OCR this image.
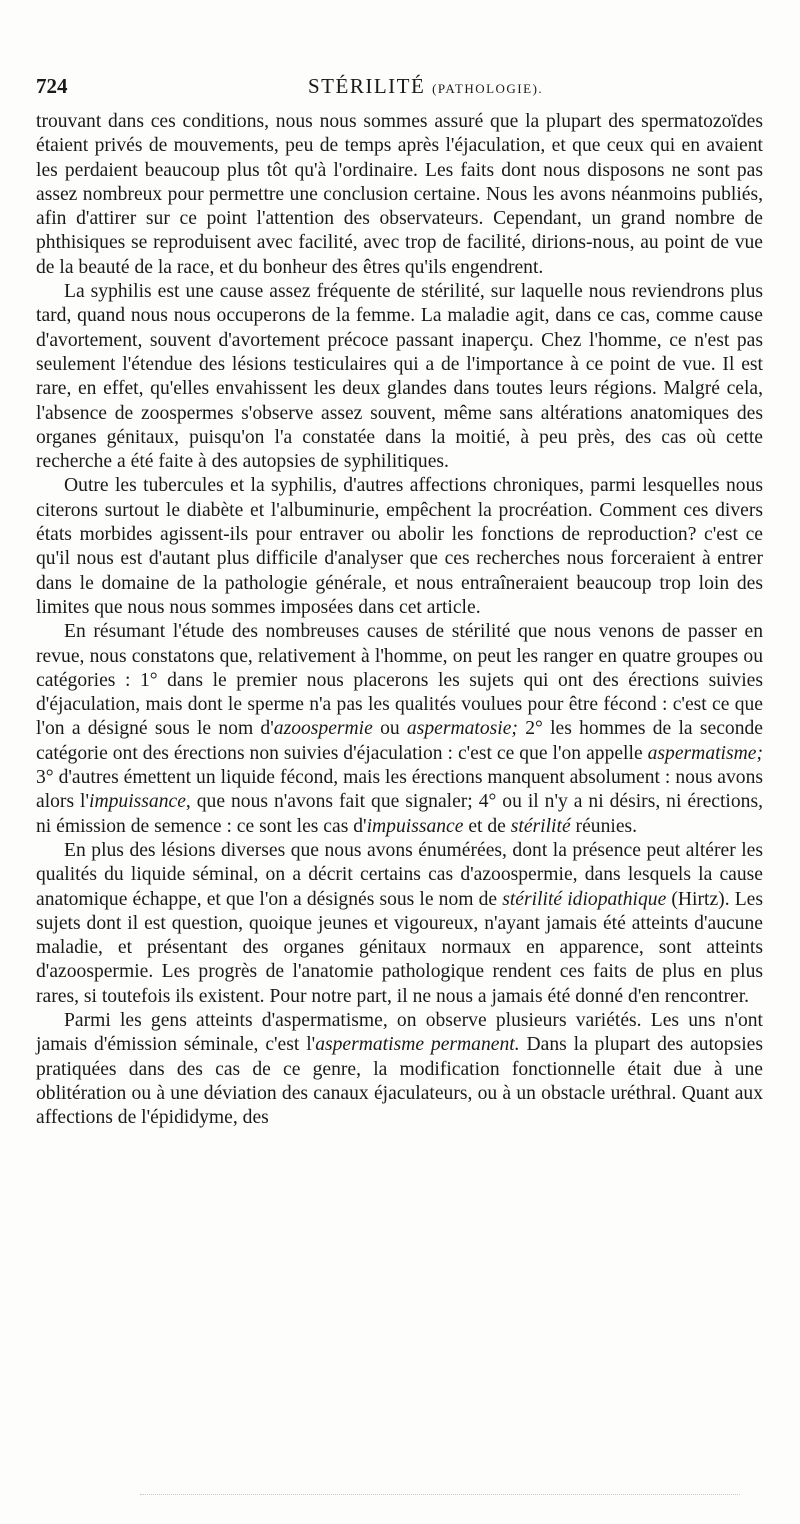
724	STÉRILITÉ (PATHOLOGIE).

trouvant dans ces conditions, nous nous sommes assuré que la plupart des spermatozoïdes étaient privés de mouvements, peu de temps après l'éjaculation, et que ceux qui en avaient les perdaient beaucoup plus tôt qu'à l'ordinaire. Les faits dont nous disposons ne sont pas assez nombreux pour permettre une conclusion certaine. Nous les avons néanmoins publiés, afin d'attirer sur ce point l'attention des observateurs. Cependant, un grand nombre de phthisiques se reproduisent avec facilité, avec trop de facilité, dirions-nous, au point de vue de la beauté de la race, et du bonheur des êtres qu'ils engendrent.

La syphilis est une cause assez fréquente de stérilité, sur laquelle nous reviendrons plus tard, quand nous nous occuperons de la femme. La maladie agit, dans ce cas, comme cause d'avortement, souvent d'avortement précoce passant inaperçu. Chez l'homme, ce n'est pas seulement l'étendue des lésions testiculaires qui a de l'importance à ce point de vue. Il est rare, en effet, qu'elles envahissent les deux glandes dans toutes leurs régions. Malgré cela, l'absence de zoospermes s'observe assez souvent, même sans altérations anatomiques des organes génitaux, puisqu'on l'a constatée dans la moitié, à peu près, des cas où cette recherche a été faite à des autopsies de syphilitiques.

Outre les tubercules et la syphilis, d'autres affections chroniques, parmi lesquelles nous citerons surtout le diabète et l'albuminurie, empêchent la procréation. Comment ces divers états morbides agissent-ils pour entraver ou abolir les fonctions de reproduction? c'est ce qu'il nous est d'autant plus difficile d'analyser que ces recherches nous forceraient à entrer dans le domaine de la pathologie générale, et nous entraîneraient beaucoup trop loin des limites que nous nous sommes imposées dans cet article.

En résumant l'étude des nombreuses causes de stérilité que nous venons de passer en revue, nous constatons que, relativement à l'homme, on peut les ranger en quatre groupes ou catégories : 1° dans le premier nous placerons les sujets qui ont des érections suivies d'éjaculation, mais dont le sperme n'a pas les qualités voulues pour être fécond : c'est ce que l'on a désigné sous le nom d'azoospermie ou aspermatosie; 2° les hommes de la seconde catégorie ont des érections non suivies d'éjaculation : c'est ce que l'on appelle aspermatisme; 3° d'autres émettent un liquide fécond, mais les érections manquent absolument : nous avons alors l'impuissance, que nous n'avons fait que signaler; 4° ou il n'y a ni désirs, ni érections, ni émission de semence : ce sont les cas d'impuissance et de stérilité réunies.

En plus des lésions diverses que nous avons énumérées, dont la présence peut altérer les qualités du liquide séminal, on a décrit certains cas d'azoospermie, dans lesquels la cause anatomique échappe, et que l'on a désignés sous le nom de stérilité idiopathique (Hirtz). Les sujets dont il est question, quoique jeunes et vigoureux, n'ayant jamais été atteints d'aucune maladie, et présentant des organes génitaux normaux en apparence, sont atteints d'azoospermie. Les progrès de l'anatomie pathologique rendent ces faits de plus en plus rares, si toutefois ils existent. Pour notre part, il ne nous a jamais été donné d'en rencontrer.

Parmi les gens atteints d'aspermatisme, on observe plusieurs variétés. Les uns n'ont jamais d'émission séminale, c'est l'aspermatisme permanent. Dans la plupart des autopsies pratiquées dans des cas de ce genre, la modification fonctionnelle était due à une oblitération ou à une déviation des canaux éjaculateurs, ou à un obstacle uréthral. Quant aux affections de l'épididyme, des
